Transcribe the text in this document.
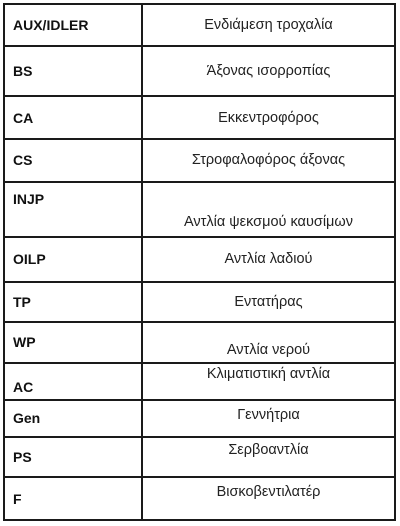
AUX/IDLER	Ενδιάμεση τροχαλία
BS	Άξονας ισορροπίας
CA	Εκκεντροφόρος
CS	Στροφαλοφόρος άξονας
INJP	Αντλία ψεκσμού καυσίμων
OILP	Αντλία λαδιού
TP	Εντατήρας
WP	Αντλία νερού
AC	Κλιματιστική αντλία
Gen	Γεννήτρια
PS	Σερβοαντλία
F	Βισκοβεντιλατέρ
